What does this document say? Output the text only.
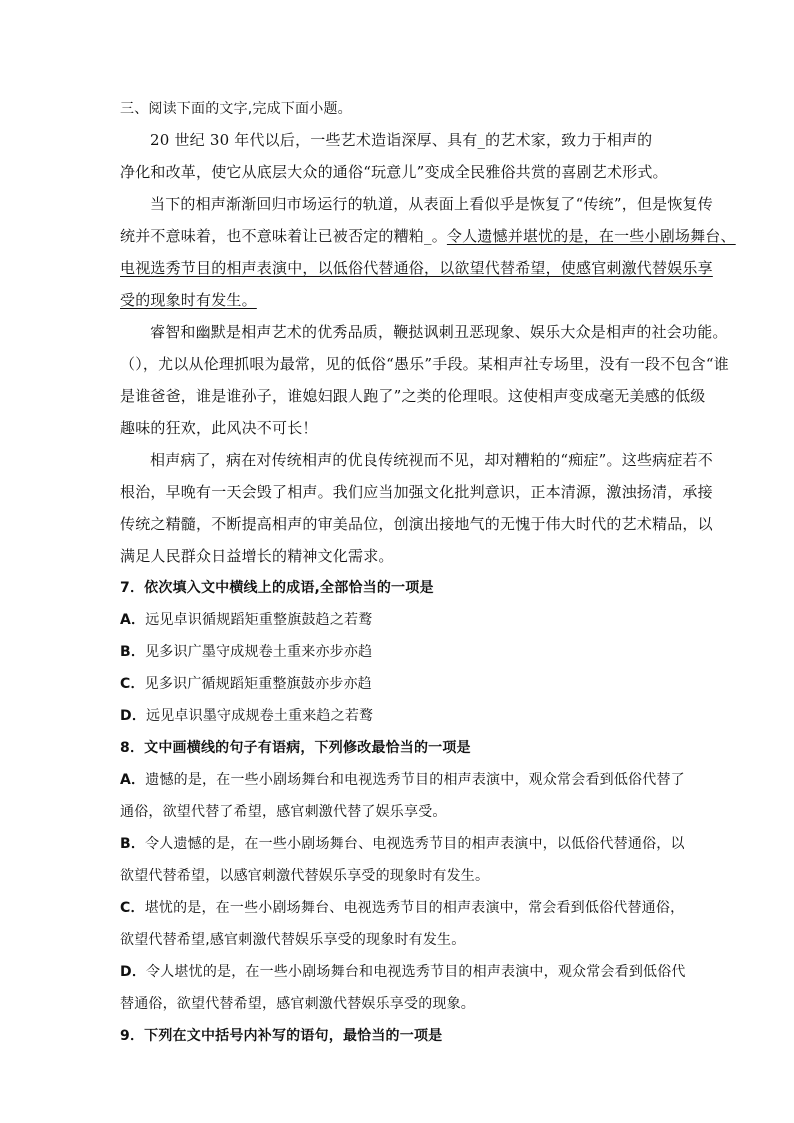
三、阅读下面的文字,完成下面小题。
20 世纪 30 年代以后，一些艺术造诣深厚、具有_的艺术家，致力于相声的
净化和改革，使它从底层大众的通俗“玩意儿”变成全民雅俗共赏的喜剧艺术形式。
当下的相声渐渐回归市场运行的轨道，从表面上看似乎是恢复了“传统”，但是恢复传
统并不意味着，也不意味着让已被否定的糟粕_。令人遗憾并堪忧的是，在一些小剧场舞台、
电视选秀节目的相声表演中，以低俗代替通俗，以欲望代替希望，使感官刺激代替娱乐享
受的现象时有发生。
睿智和幽默是相声艺术的优秀品质，鞭挞讽刺丑恶现象、娱乐大众是相声的社会功能。
（），尤以从伦理抓哏为最常，见的低俗“愚乐”手段。某相声社专场里，没有一段不包含“谁
是谁爸爸，谁是谁孙子，谁媳妇跟人跑了”之类的伦理哏。这使相声变成毫无美感的低级
趣味的狂欢，此风决不可长！
相声病了，病在对传统相声的优良传统视而不见，却对糟粕的“痴症”。这些病症若不
根治，早晚有一天会毁了相声。我们应当加强文化批判意识，正本清源，激浊扬清，承接
传统之精髓，不断提高相声的审美品位，创演出接地气的无愧于伟大时代的艺术精品，以
满足人民群众日益增长的精神文化需求。
7．依次填入文中横线上的成语,全部恰当的一项是
A．远见卓识循规蹈矩重整旗鼓趋之若鹜
B．见多识广墨守成规卷土重来亦步亦趋
C．见多识广循规蹈矩重整旗鼓亦步亦趋
D．远见卓识墨守成规卷土重来趋之若鹜
8．文中画横线的句子有语病，下列修改最恰当的一项是
A．遗憾的是，在一些小剧场舞台和电视选秀节目的相声表演中，观众常会看到低俗代替了
通俗，欲望代替了希望，感官刺激代替了娱乐享受。
B．令人遗憾的是，在一些小剧场舞台、电视选秀节目的相声表演中，以低俗代替通俗，以
欲望代替希望，以感官刺激代替娱乐享受的现象时有发生。
C．堪忧的是，在一些小剧场舞台、电视选秀节目的相声表演中，常会看到低俗代替通俗，
欲望代替希望,感官刺激代替娱乐享受的现象时有发生。
D．令人堪忧的是，在一些小剧场舞台和电视选秀节目的相声表演中，观众常会看到低俗代
替通俗，欲望代替希望，感官刺激代替娱乐享受的现象。
9．下列在文中括号内补写的语句，最恰当的一项是
